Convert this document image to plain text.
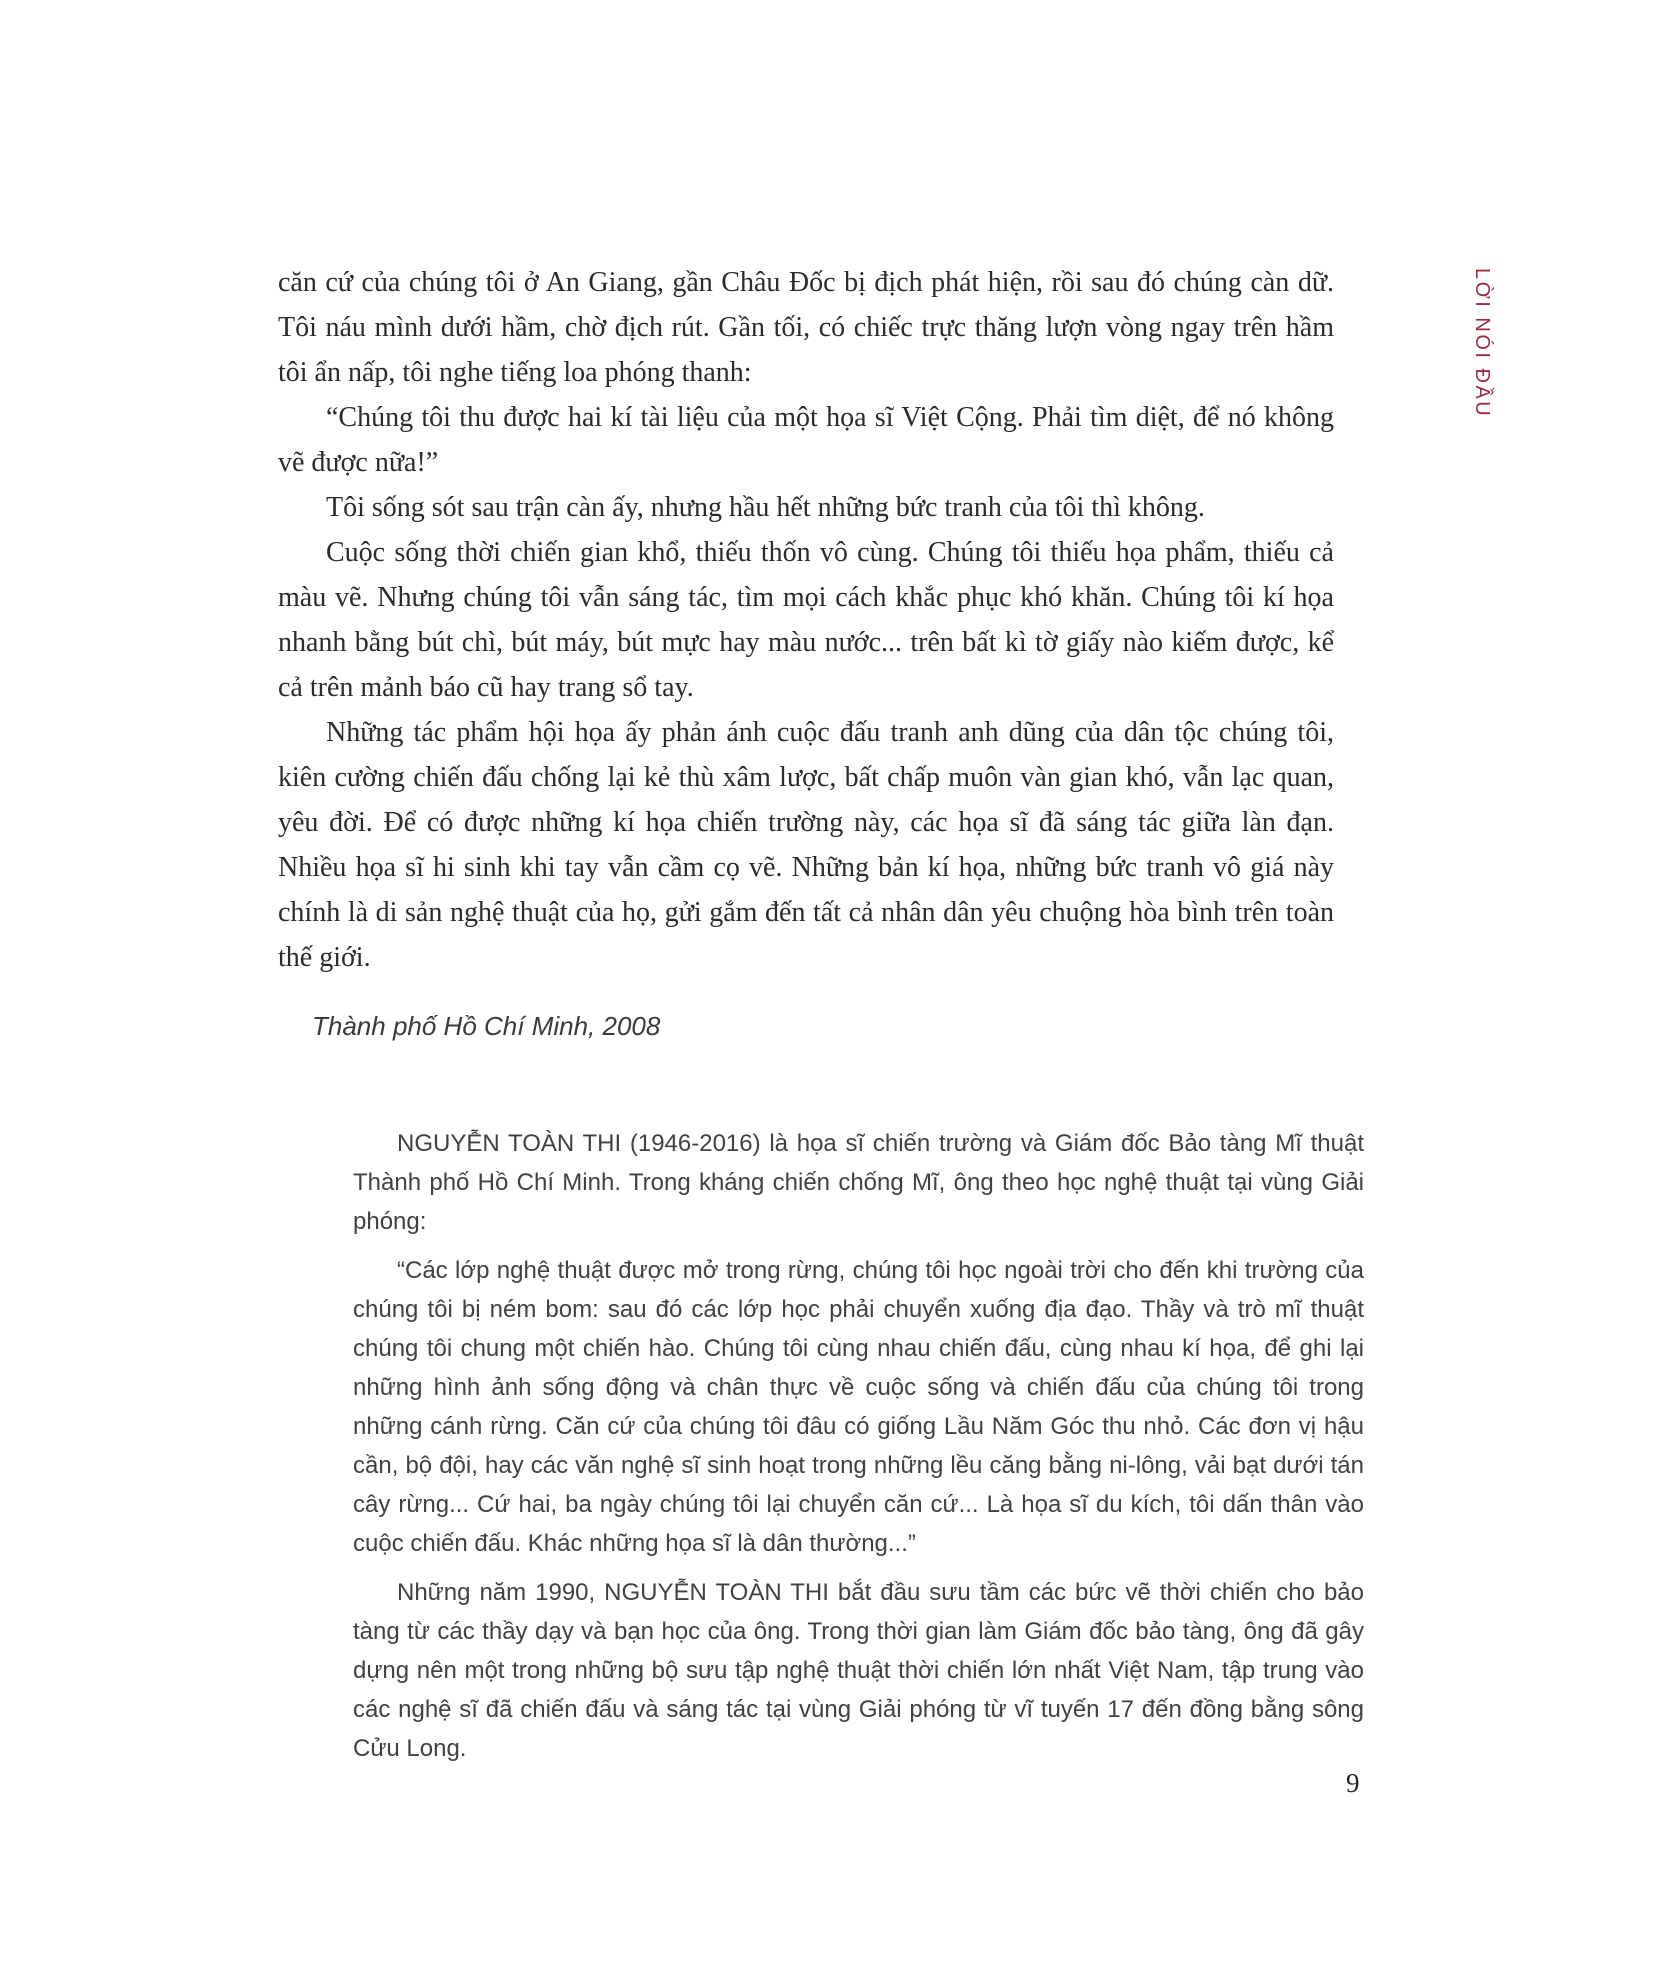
LỜI NÓI ĐẦU

căn cứ của chúng tôi ở An Giang, gần Châu Đốc bị địch phát hiện, rồi sau đó chúng càn dữ. Tôi náu mình dưới hầm, chờ địch rút. Gần tối, có chiếc trực thăng lượn vòng ngay trên hầm tôi ẩn nấp, tôi nghe tiếng loa phóng thanh:

“Chúng tôi thu được hai kí tài liệu của một họa sĩ Việt Cộng. Phải tìm diệt, để nó không vẽ được nữa!”

Tôi sống sót sau trận càn ấy, nhưng hầu hết những bức tranh của tôi thì không.

Cuộc sống thời chiến gian khổ, thiếu thốn vô cùng. Chúng tôi thiếu họa phẩm, thiếu cả màu vẽ. Nhưng chúng tôi vẫn sáng tác, tìm mọi cách khắc phục khó khăn. Chúng tôi kí họa nhanh bằng bút chì, bút máy, bút mực hay màu nước... trên bất kì tờ giấy nào kiếm được, kể cả trên mảnh báo cũ hay trang sổ tay.

Những tác phẩm hội họa ấy phản ánh cuộc đấu tranh anh dũng của dân tộc chúng tôi, kiên cường chiến đấu chống lại kẻ thù xâm lược, bất chấp muôn vàn gian khó, vẫn lạc quan, yêu đời. Để có được những kí họa chiến trường này, các họa sĩ đã sáng tác giữa làn đạn. Nhiều họa sĩ hi sinh khi tay vẫn cầm cọ vẽ. Những bản kí họa, những bức tranh vô giá này chính là di sản nghệ thuật của họ, gửi gắm đến tất cả nhân dân yêu chuộng hòa bình trên toàn thế giới.

Thành phố Hồ Chí Minh, 2008

NGUYỄN TOÀN THI (1946-2016) là họa sĩ chiến trường và Giám đốc Bảo tàng Mĩ thuật Thành phố Hồ Chí Minh. Trong kháng chiến chống Mĩ, ông theo học nghệ thuật tại vùng Giải phóng:

“Các lớp nghệ thuật được mở trong rừng, chúng tôi học ngoài trời cho đến khi trường của chúng tôi bị ném bom: sau đó các lớp học phải chuyển xuống địa đạo. Thầy và trò mĩ thuật chúng tôi chung một chiến hào. Chúng tôi cùng nhau chiến đấu, cùng nhau kí họa, để ghi lại những hình ảnh sống động và chân thực về cuộc sống và chiến đấu của chúng tôi trong những cánh rừng. Căn cứ của chúng tôi đâu có giống Lầu Năm Góc thu nhỏ. Các đơn vị hậu cần, bộ đội, hay các văn nghệ sĩ sinh hoạt trong những lều căng bằng ni-lông, vải bạt dưới tán cây rừng... Cứ hai, ba ngày chúng tôi lại chuyển căn cứ... Là họa sĩ du kích, tôi dấn thân vào cuộc chiến đấu. Khác những họa sĩ là dân thường...”

Những năm 1990, NGUYỄN TOÀN THI bắt đầu sưu tầm các bức vẽ thời chiến cho bảo tàng từ các thầy dạy và bạn học của ông. Trong thời gian làm Giám đốc bảo tàng, ông đã gây dựng nên một trong những bộ sưu tập nghệ thuật thời chiến lớn nhất Việt Nam, tập trung vào các nghệ sĩ đã chiến đấu và sáng tác tại vùng Giải phóng từ vĩ tuyến 17 đến đồng bằng sông Cửu Long.

9
